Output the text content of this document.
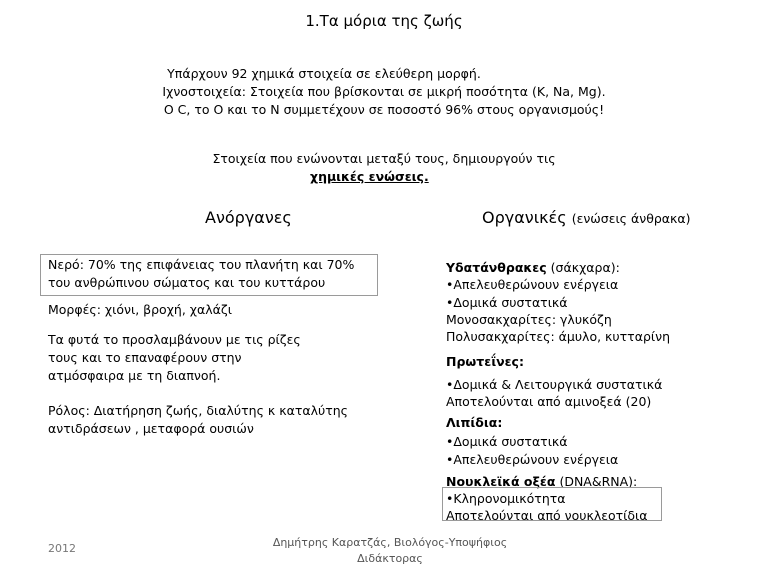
1.Τα μόρια της ζωής
Υπάρχουν 92 χημικά στοιχεία σε ελεύθερη μορφή.
Ιχνοστοιχεία: Στοιχεία που βρίσκονται σε μικρή ποσότητα (K, Na, Mg).
Ο C, το Ο και το Ν συμμετέχουν σε ποσοστό 96% στους οργανισμούς!
Στοιχεία που ενώνονται μεταξύ τους, δημιουργούν τις
χημικές ενώσεις.
Ανόργανες	Οργανικές (ενώσεις άνθρακα)
Νερό: 70% της επιφάνειας του πλανήτη και 70%
του ανθρώπινου σώματος και του κυττάρου
Μορφές: χιόνι, βροχή, χαλάζι
Τα φυτά το προσλαμβάνουν με τις ρίζες
τους και το επαναφέρουν στην
ατμόσφαιρα με τη διαπνοή.
Ρόλος: Διατήρηση ζωής, διαλύτης κ καταλύτης
αντιδράσεων , μεταφορά ουσιών
Υδατάνθρακες (σάκχαρα):
•Απελευθερώνουν ενέργεια
•Δομικά συστατικά
Μονοσακχαρίτες: γλυκόζη
Πολυσακχαρίτες: άμυλο, κυτταρίνη
Πρωτεΐνες:
•Δομικά & Λειτουργικά συστατικά
Αποτελούνται από αμινοξεά (20)
Λιπίδια:
•Δομικά συστατικά
•Απελευθερώνουν ενέργεια
Νουκλεϊκά οξέα (DNA&RNA):
•Κληρονομικότητα
Αποτελούνται από νουκλεοτίδια
2012	Δημήτρης Καρατζάς, Βιολόγος-Υποψήφιος
Διδάκτορας
